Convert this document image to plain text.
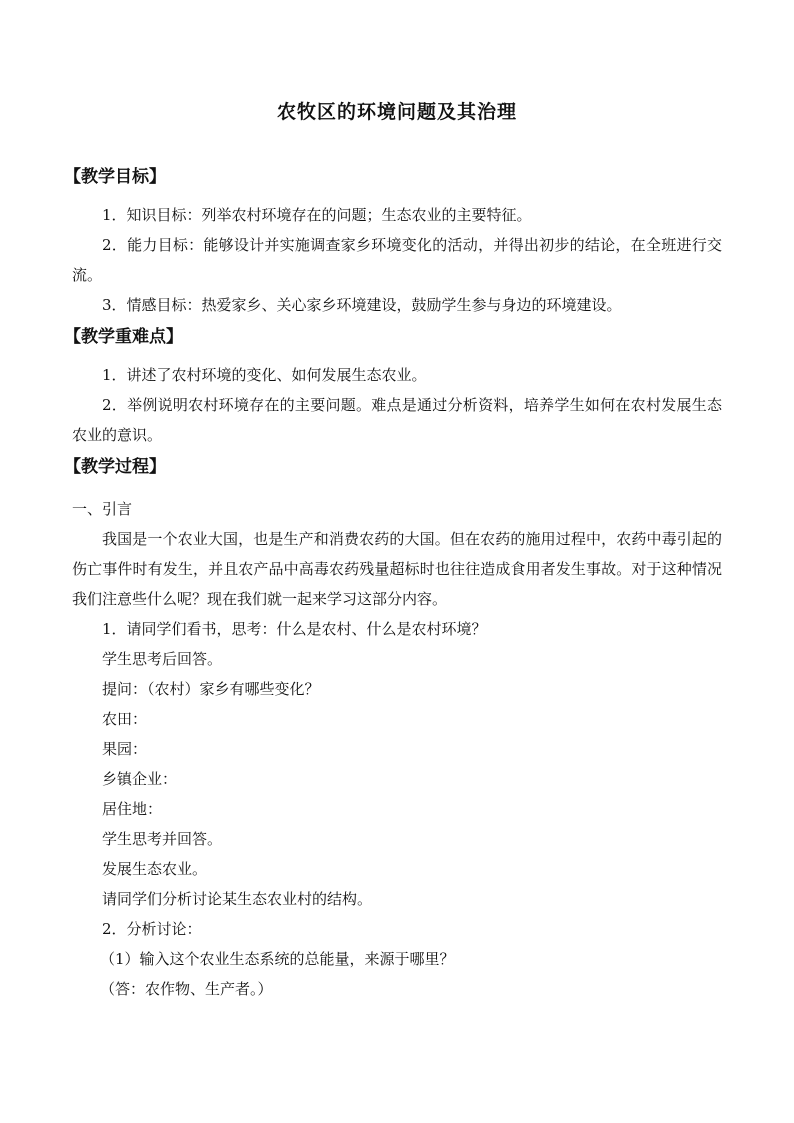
农牧区的环境问题及其治理
【教学目标】

1．知识目标：列举农村环境存在的问题；生态农业的主要特征。

2．能力目标：能够设计并实施调查家乡环境变化的活动，并得出初步的结论，在全班进行交流。

3．情感目标：热爱家乡、关心家乡环境建设，鼓励学生参与身边的环境建设。

【教学重难点】

1．讲述了农村环境的变化、如何发展生态农业。

2．举例说明农村环境存在的主要问题。难点是通过分析资料，培养学生如何在农村发展生态农业的意识。

【教学过程】

一、引言

我国是一个农业大国，也是生产和消费农药的大国。但在农药的施用过程中，农药中毒引起的伤亡事件时有发生，并且农产品中高毒农药残量超标时也往往造成食用者发生事故。对于这种情况我们注意些什么呢？现在我们就一起来学习这部分内容。

1．请同学们看书，思考：什么是农村、什么是农村环境？

学生思考后回答。

提问：（农村）家乡有哪些变化？

农田：

果园：

乡镇企业：

居住地：

学生思考并回答。

发展生态农业。

请同学们分析讨论某生态农业村的结构。

2．分析讨论：

（1）输入这个农业生态系统的总能量，来源于哪里？

（答：农作物、生产者。）
